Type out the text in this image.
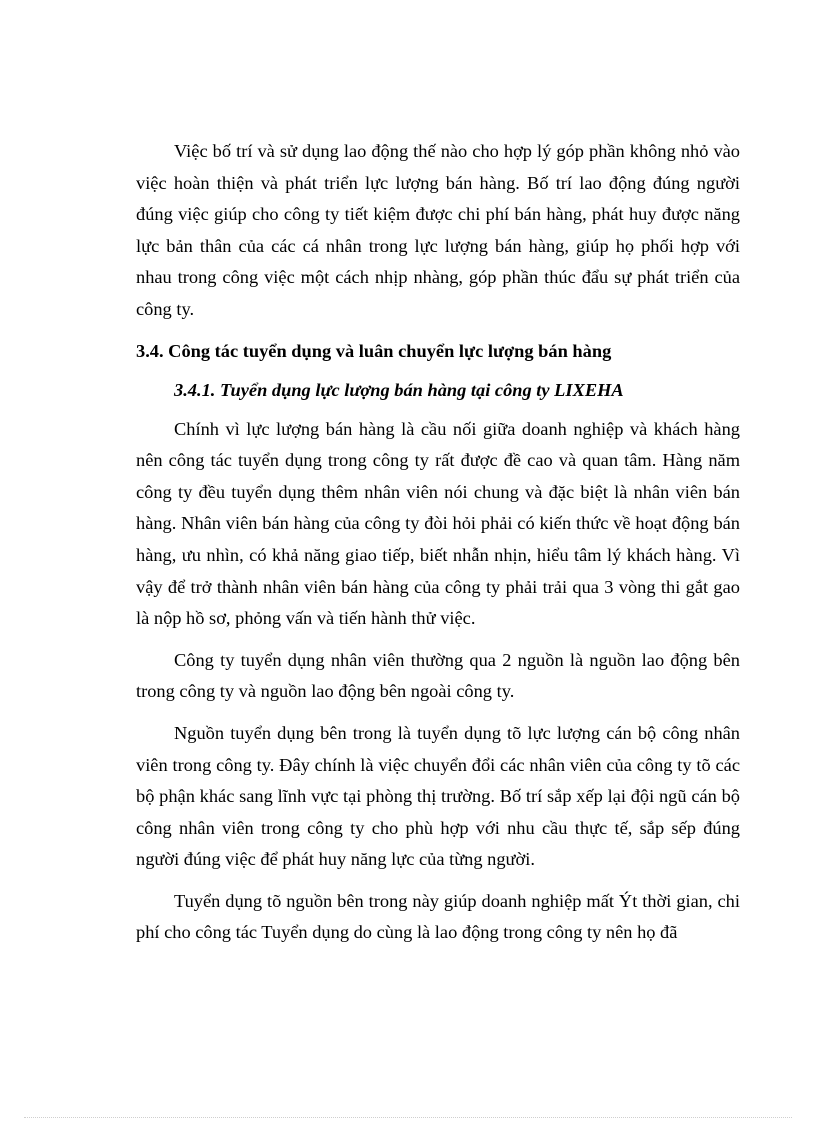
Việc bố trí và sử dụng lao động thế nào cho hợp lý góp phần không nhỏ vào việc hoàn thiện và phát triển lực lượng bán hàng. Bố trí lao động đúng người đúng việc giúp cho công ty tiết kiệm được chi phí bán hàng, phát huy được năng lực bản thân của các cá nhân trong lực lượng bán hàng, giúp họ phối hợp với nhau trong công việc một cách nhịp nhàng, góp phần thúc đẩu sự phát triển của công ty.

3.4. Công tác tuyển dụng và luân chuyển lực lượng bán hàng
3.4.1. Tuyển dụng lực lượng bán hàng tại công ty LIXEHA

Chính vì lực lượng bán hàng là cầu nối giữa doanh nghiệp và khách hàng nên công tác tuyển dụng trong công ty rất được đề cao và quan tâm. Hàng năm công ty đều tuyển dụng thêm nhân viên nói chung và đặc biệt là nhân viên bán hàng. Nhân viên bán hàng của công ty đòi hỏi phải có kiến thức về hoạt động bán hàng, ưu nhìn, có khả năng giao tiếp, biết nhẫn nhịn, hiểu tâm lý khách hàng. Vì vậy để trở thành nhân viên bán hàng của công ty phải trải qua 3 vòng thi gắt gao là nộp hồ sơ, phỏng vấn và tiến hành thử việc.

Công ty tuyển dụng nhân viên thường qua 2 nguồn là nguồn lao động bên trong công ty và nguồn lao động bên ngoài công ty.

Nguồn tuyển dụng bên trong là tuyển dụng tõ lực lượng cán bộ công nhân viên trong công ty. Đây chính là việc chuyển đổi các nhân viên của công ty tõ các bộ phận khác sang lĩnh vực tại phòng thị trường. Bố trí sắp xếp lại đội ngũ cán bộ công nhân viên trong công ty cho phù hợp với nhu cầu thực tế, sắp sếp đúng người đúng việc để phát huy năng lực của từng người.

Tuyển dụng tõ nguồn bên trong này giúp doanh nghiệp mất Ýt thời gian, chi phí cho công tác Tuyển dụng do cùng là lao động trong công ty nên họ đã
